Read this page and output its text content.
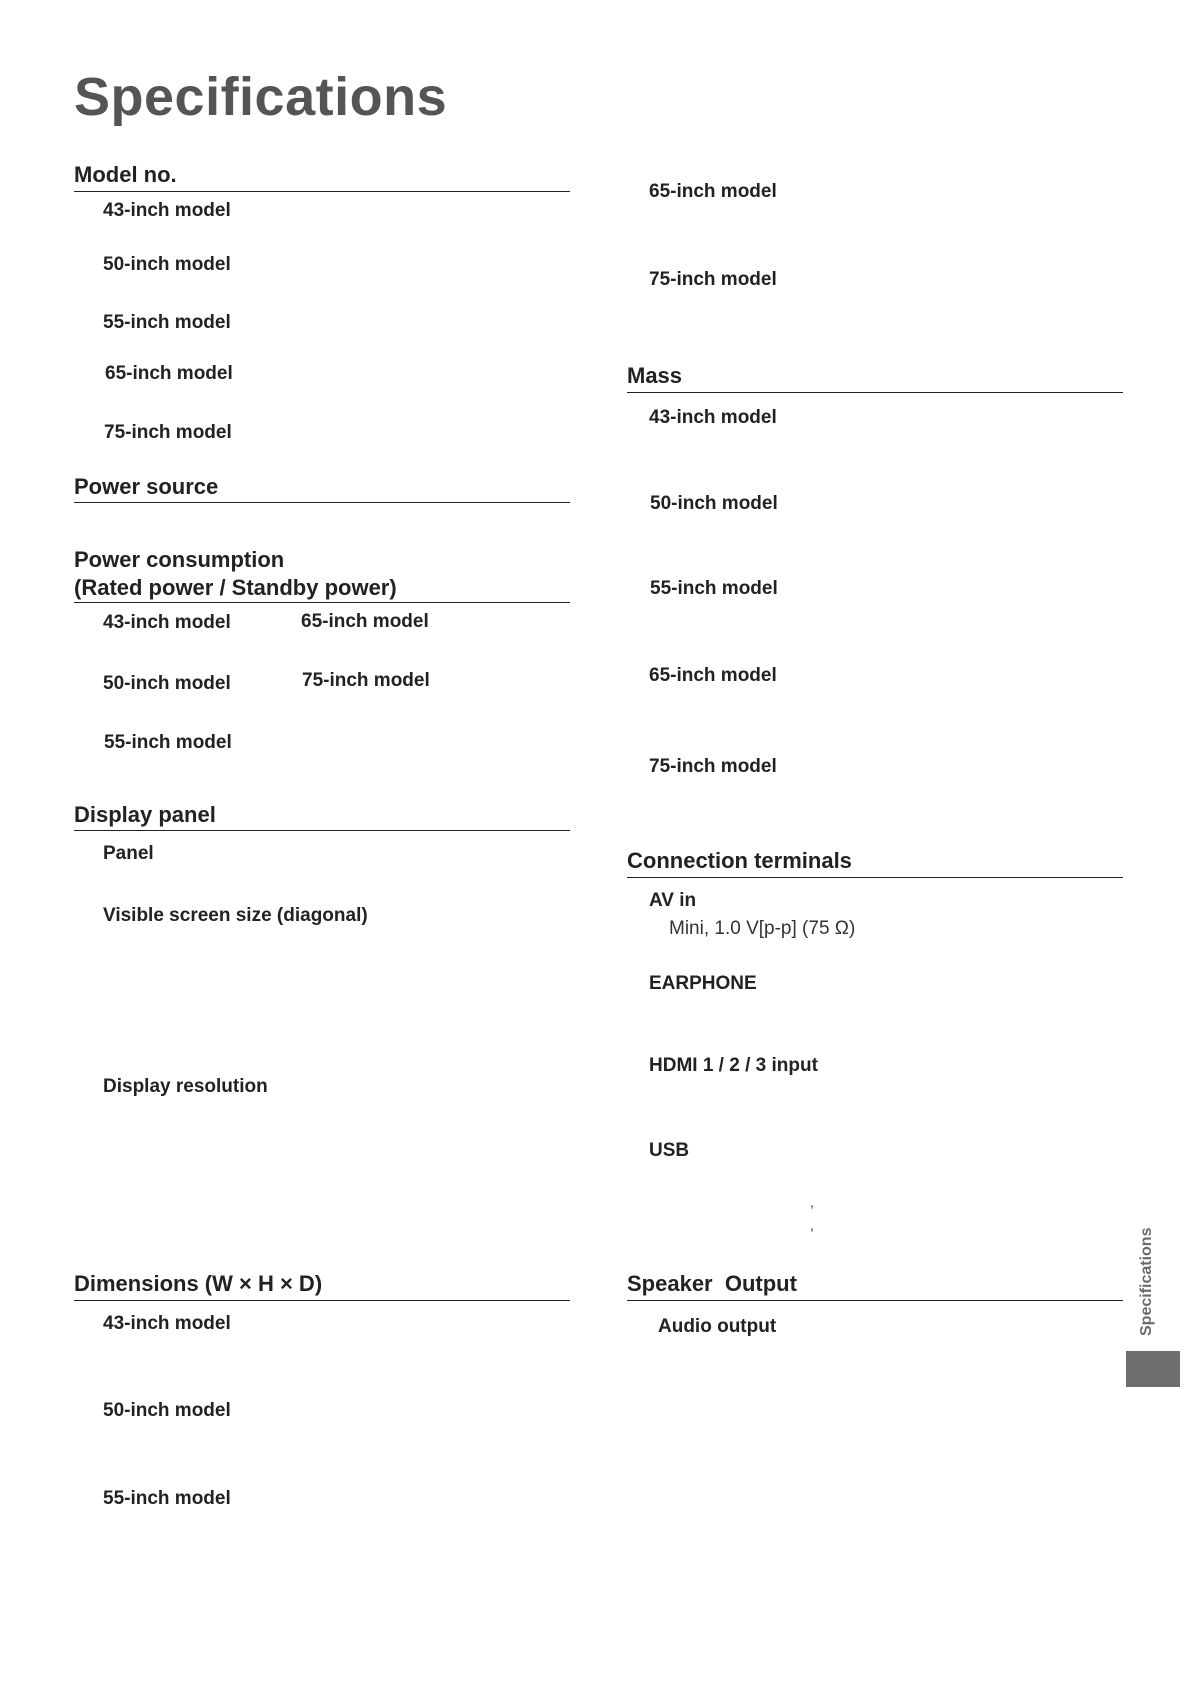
Specifications
Model no.
43-inch model
50-inch model
55-inch model
65-inch model
75-inch model
Power source
Power consumption
(Rated power / Standby power)
43-inch model
50-inch model
55-inch model
65-inch model
75-inch model
Display panel
Panel
Visible screen size (diagonal)
Display resolution
Dimensions (W × H × D)
43-inch model
50-inch model
55-inch model
65-inch model
75-inch model
Mass
43-inch model
50-inch model
55-inch model
65-inch model
75-inch model
Connection terminals
AV in
Mini, 1.0 V[p-p] (75 Ω)
EARPHONE
HDMI 1 / 2 / 3 input
USB
,
,
Speaker  Output
Audio output	Specifications
